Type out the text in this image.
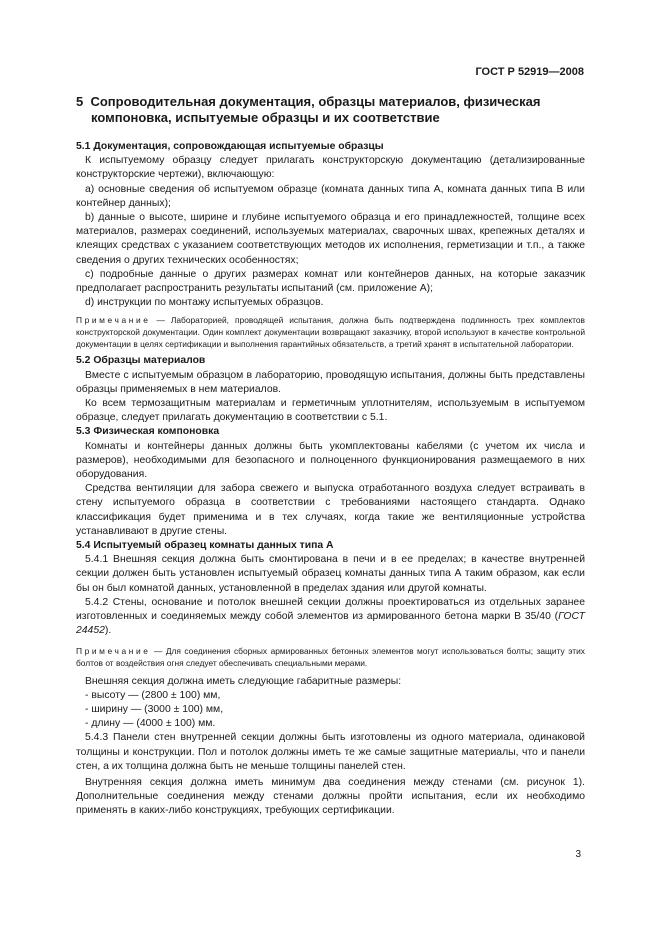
ГОСТ Р 52919—2008
5 Сопроводительная документация, образцы материалов, физическая
компоновка, испытуемые образцы и их соответствие
5.1 Документация, сопровождающая испытуемые образцы
К испытуемому образцу следует прилагать конструкторскую документацию (детализированные конструкторские чертежи), включающую:
а) основные сведения об испытуемом образце (комната данных типа А, комната данных типа В или контейнер данных);
b) данные о высоте, ширине и глубине испытуемого образца и его принадлежностей, толщине всех материалов, размерах соединений, используемых материалах, сварочных швах, крепежных деталях и клеящих средствах с указанием соответствующих методов их исполнения, герметизации и т.п., а также сведения о других технических особенностях;
с) подробные данные о других размерах комнат или контейнеров данных, на которые заказчик предполагает распространить результаты испытаний (см. приложение А);
d) инструкции по монтажу испытуемых образцов.
Примечание — Лабораторией, проводящей испытания, должна быть подтверждена подлинность трех комплектов конструкторской документации. Один комплект документации возвращают заказчику, второй используют в качестве контрольной документации в целях сертификации и выполнения гарантийных обязательств, а третий хранят в испытательной лаборатории.
5.2 Образцы материалов
Вместе с испытуемым образцом в лабораторию, проводящую испытания, должны быть представлены образцы применяемых в нем материалов.
Ко всем термозащитным материалам и герметичным уплотнителям, используемым в испытуемом образце, следует прилагать документацию в соответствии с 5.1.
5.3 Физическая компоновка
Комнаты и контейнеры данных должны быть укомплектованы кабелями (с учетом их числа и размеров), необходимыми для безопасного и полноценного функционирования размещаемого в них оборудования.
Средства вентиляции для забора свежего и выпуска отработанного воздуха следует встраивать в стену испытуемого образца в соответствии с требованиями настоящего стандарта. Однако классификация будет применима и в тех случаях, когда такие же вентиляционные устройства устанавливают в другие стены.
5.4 Испытуемый образец комнаты данных типа А
5.4.1 Внешняя секция должна быть смонтирована в печи и в ее пределах; в качестве внутренней секции должен быть установлен испытуемый образец комнаты данных типа А таким образом, как если бы он был комнатой данных, установленной в пределах здания или другой комнаты.
5.4.2 Стены, основание и потолок внешней секции должны проектироваться из отдельных заранее изготовленных и соединяемых между собой элементов из армированного бетона марки В 35/40 (ГОСТ 24452).
Примечание — Для соединения сборных армированных бетонных элементов могут использоваться болты; защиту этих болтов от воздействия огня следует обеспечивать специальными мерами.
Внешняя секция должна иметь следующие габаритные размеры:
- высоту — (2800 ± 100) мм,
- ширину — (3000 ± 100) мм,
- длину — (4000 ± 100) мм.
5.4.3 Панели стен внутренней секции должны быть изготовлены из одного материала, одинаковой толщины и конструкции. Пол и потолок должны иметь те же самые защитные материалы, что и панели стен, а их толщина должна быть не меньше толщины панелей стен.
Внутренняя секция должна иметь минимум два соединения между стенами (см. рисунок 1). Дополнительные соединения между стенами должны пройти испытания, если их необходимо применять в каких-либо конструкциях, требующих сертификации.
3
